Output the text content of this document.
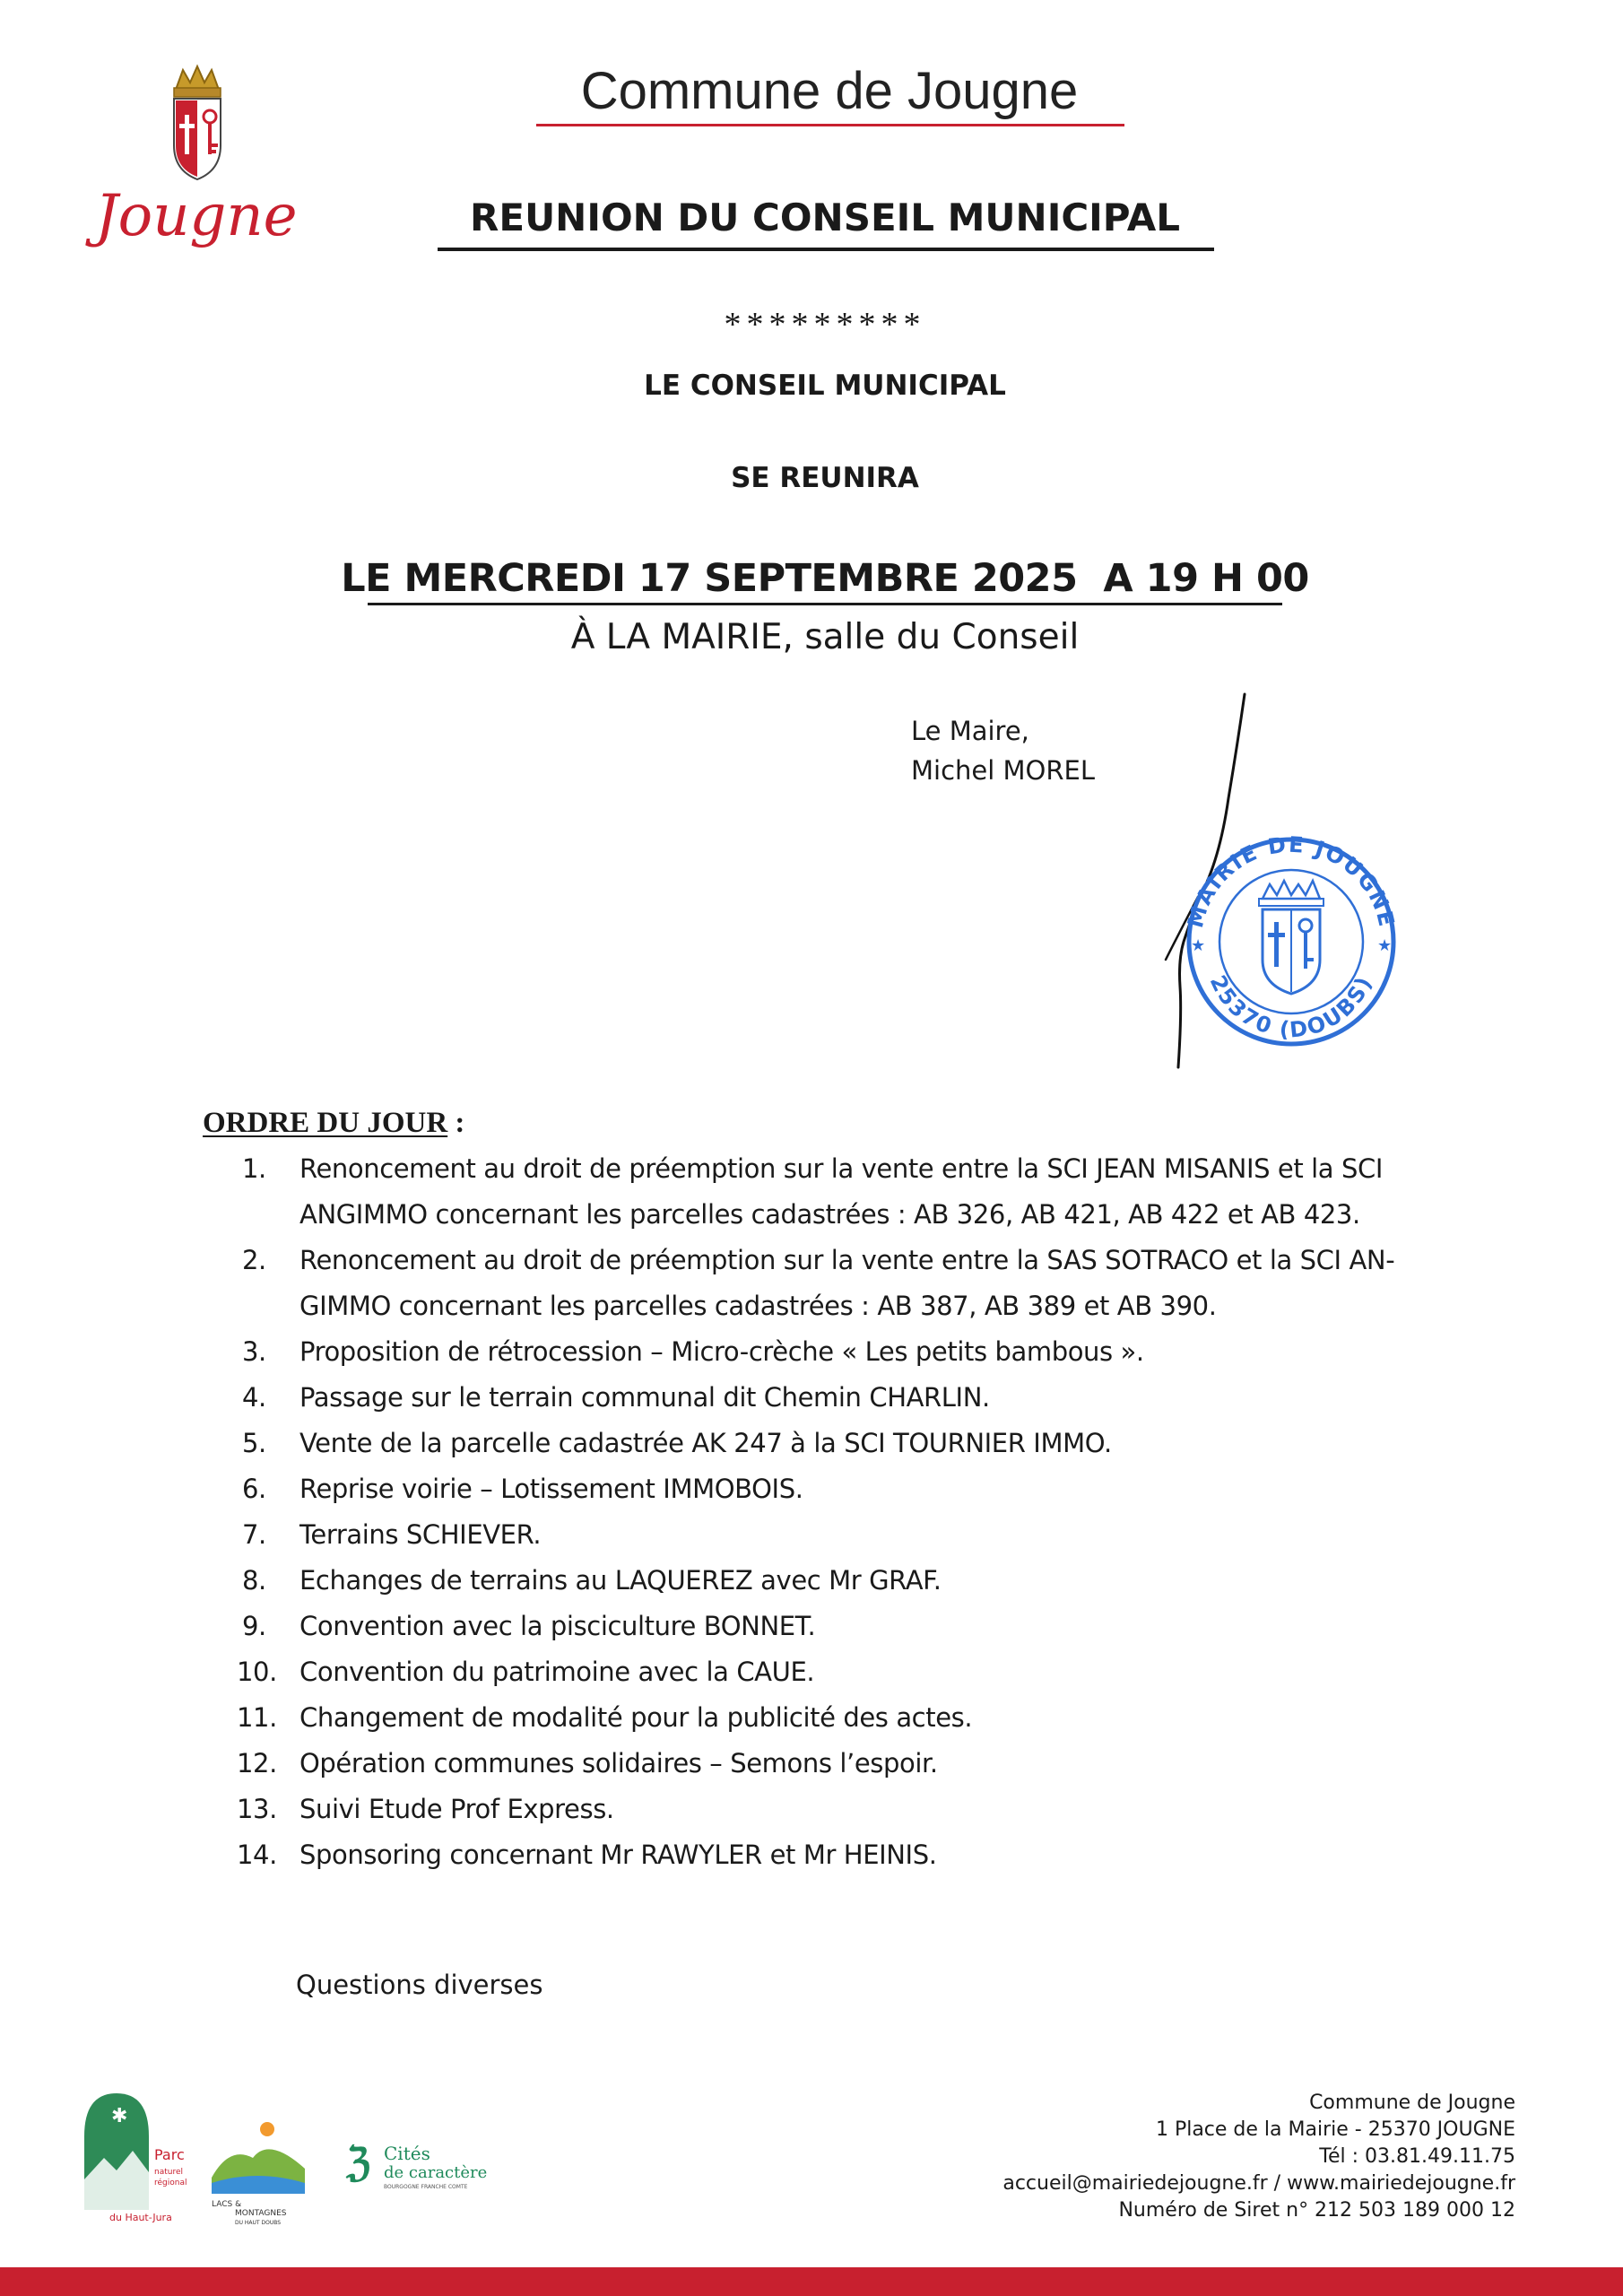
Jougne
Commune de Jougne
REUNION DU CONSEIL MUNICIPAL
*********
LE CONSEIL MUNICIPAL
SE REUNIRA
LE MERCREDI 17 SEPTEMBRE 2025  A 19 H 00
À LA MAIRIE, salle du Conseil
Le Maire,
Michel MOREL
MAIRIE DE JOUGNE
25370 (DOUBS)
★	★
ORDRE DU JOUR :
1. Renoncement au droit de préemption sur la vente entre la SCI JEAN MISANIS et la SCI ANGIMMO concernant les parcelles cadastrées : AB 326, AB 421, AB 422 et AB 423.
2. Renoncement au droit de préemption sur la vente entre la SAS SOTRACO et la SCI AN-GIMMO concernant les parcelles cadastrées : AB 387, AB 389 et AB 390.
3. Proposition de rétrocession – Micro-crèche « Les petits bambous ».
4. Passage sur le terrain communal dit Chemin CHARLIN.
5. Vente de la parcelle cadastrée AK 247 à la SCI TOURNIER IMMO.
6. Reprise voirie – Lotissement IMMOBOIS.
7. Terrains SCHIEVER.
8. Echanges de terrains au LAQUEREZ avec Mr GRAF.
9. Convention avec la pisciculture BONNET.
10. Convention du patrimoine avec la CAUE.
11. Changement de modalité pour la publicité des actes.
12. Opération communes solidaires – Semons l’espoir.
13. Suivi Etude Prof Express.
14. Sponsoring concernant Mr RAWYLER et Mr HEINIS.
Questions diverses
✱
Parc
naturel
régional
du Haut-Jura
LACS &
MONTAGNES
DU HAUT DOUBS
ℨ Cités
de caractère
BOURGOGNE FRANCHE COMTE
Commune de Jougne
1 Place de la Mairie - 25370 JOUGNE
Tél : 03.81.49.11.75
accueil@mairiedejougne.fr / www.mairiedejougne.fr
Numéro de Siret n° 212 503 189 000 12
